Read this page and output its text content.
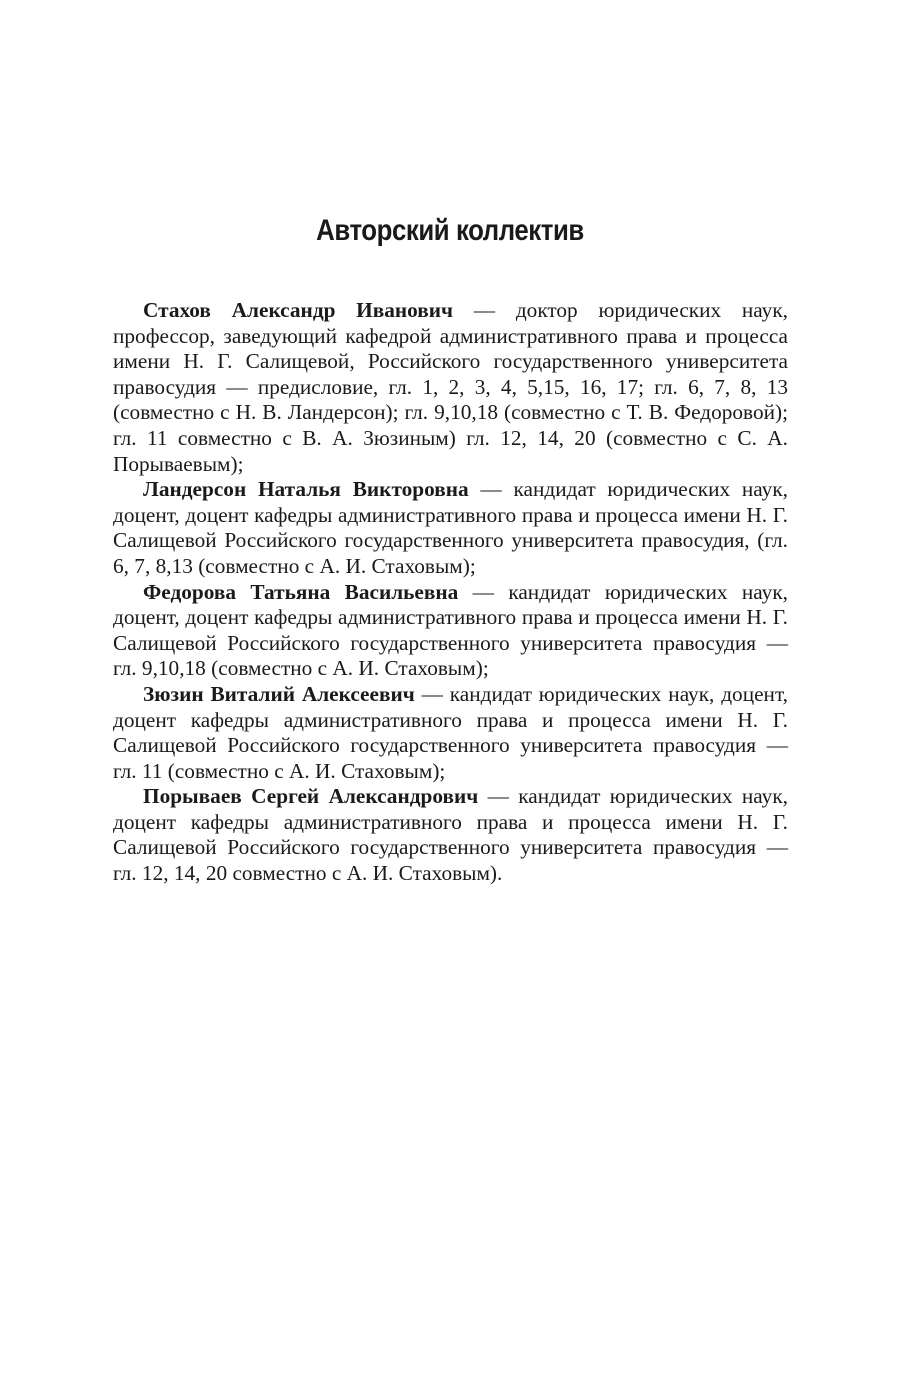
Авторский коллектив

Стахов Александр Иванович — доктор юридических наук, профессор, заведующий кафедрой административного права и процесса имени Н. Г. Салищевой, Российского государственного университета правосудия — предисловие, гл. 1, 2, 3, 4, 5,15, 16, 17; гл. 6, 7, 8, 13 (совместно с Н. В. Ландерсон); гл. 9,10,18 (совместно с Т. В. Федоровой); гл. 11 совместно с В. А. Зюзиным) гл. 12, 14, 20 (совместно с С. А. Порываевым);

Ландерсон Наталья Викторовна — кандидат юридических наук, доцент, доцент кафедры административного права и процесса имени Н. Г. Салищевой Российского государственного университета правосудия, (гл. 6, 7, 8,13 (совместно с А. И. Стаховым);

Федорова Татьяна Васильевна — кандидат юридических наук, доцент, доцент кафедры административного права и процесса имени Н. Г. Салищевой Российского государственного университета правосудия — гл. 9,10,18 (совместно с А. И. Стаховым);

Зюзин Виталий Алексеевич — кандидат юридических наук, доцент, доцент кафедры административного права и процесса имени Н. Г. Салищевой Российского государственного университета правосудия — гл. 11 (совместно с А. И. Стаховым);

Порываев Сергей Александрович — кандидат юридических наук, доцент кафедры административного права и процесса имени Н. Г. Салищевой Российского государственного университета правосудия — гл. 12, 14, 20 совместно с А. И. Стаховым).
